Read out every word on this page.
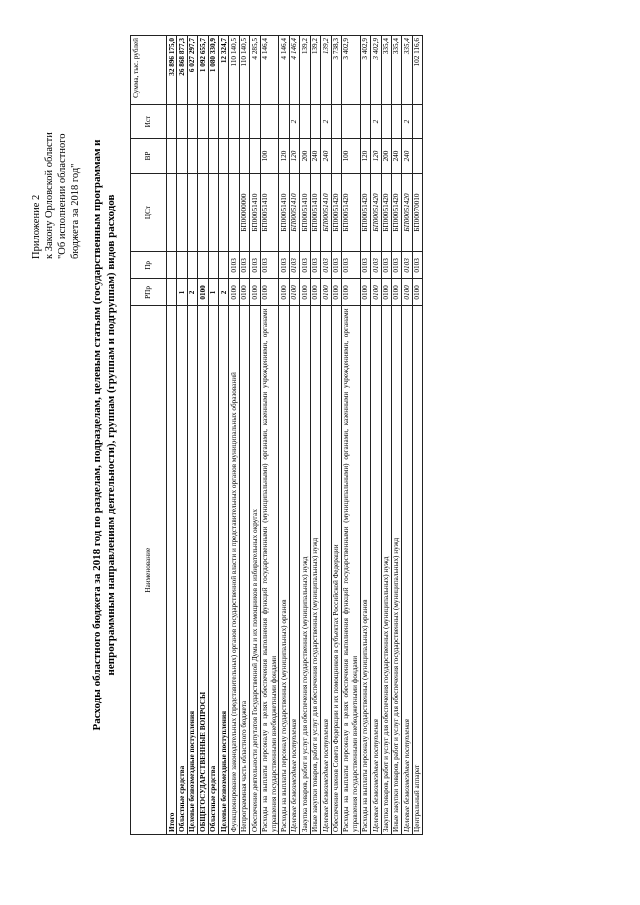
Приложение 2 к Закону Орловской области "Об исполнении областного бюджета за 2018 год" Расходы областного бюджета за 2018 год по разделам, подразделам, целевым статьям (государственным программам и непрограммным направлениям деятельности), группам (группам и подгруппам) видов расходов	Наименование	РПр	Пр	ЦСт	ВР	Ист	Сумма, тыс. рублей
Итого						32 896 175,0
Областные средства	1					26 868 877,3
Целевые безвозмездные поступления	2					6 027 297,7
ОБЩЕГОСУДАРСТВЕННЫЕ ВОПРОСЫ	0100					1 092 655,7
Областные средства	1					1 080 330,9
Целевые безвозмездные поступления	2					12 324,7
Функционирование законодательных (представительных) органов государственной власти и представительных органов муниципальных образований	0100	0103				110 140,5
Непрограммная часть областного бюджета	0100	0103	БП00000000			110 140,5
Обеспечение деятельности депутатов Государственной Думы и их помощников в избирательных округах	0100	0103	БП00051410			4 285,5
Расходы на выплаты персоналу в целях обеспечения выполнения функций государственными (муниципальными) органами, казенными учреждениями, органами управления государственными внебюджетными фондами	0100	0103	БП00051410	100		4 146,4
Расходы на выплаты персоналу государственных (муниципальных) органов	0100	0103	БП00051410	120		4 146,4
Целевые безвозмездные поступления	0100	0103	БП00051410	120	2	4 146,4
Закупка товаров, работ и услуг для обеспечения государственных (муниципальных) нужд	0100	0103	БП00051410	200		139,2
Иные закупки товаров, работ и услуг для обеспечения государственных (муниципальных) нужд	0100	0103	БП00051410	240		139,2
Целевые безвозмездные поступления	0100	0103	БП00051410	240	2	139,2
Обеспечение членов Совета Федерации и их помощников в субъектах Российской Федерации	0100	0103	БП00051420			3 738,3
Расходы на выплаты персоналу в целях обеспечения выполнения функций государственными (муниципальными) органами, казенными учреждениями, органами управления государственными внебюджетными фондами	0100	0103	БП00051420	100		3 402,9
Расходы на выплаты персоналу государственных (муниципальных) органов	0100	0103	БП00051420	120		3 402,9
Целевые безвозмездные поступления	0100	0103	БП00051420	120	2	3 402,9
Закупка товаров, работ и услуг для обеспечения государственных (муниципальных) нужд	0100	0103	БП00051420	200		335,4
Иные закупки товаров, работ и услуг для обеспечения государственных (муниципальных) нужд	0100	0103	БП00051420	240		335,4
Целевые безвозмездные поступления	0100	0103	БП00051420	240	2	335,4
Центральный аппарат	0100	0103	БП00070010			102 116,6
